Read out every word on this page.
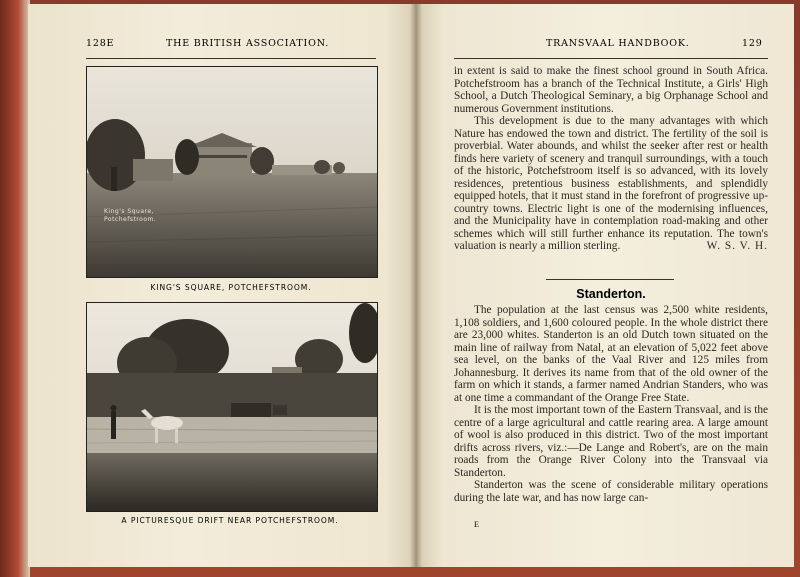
128E	THE BRITISH ASSOCIATION.
King's Square, Potchefstroom.
KING'S SQUARE, POTCHEFSTROOM.
A PICTURESQUE DRIFT NEAR POTCHEFSTROOM.
TRANSVAAL HANDBOOK.	129
in extent is said to make the finest school ground in South Africa. Potchefstroom has a branch of the Technical Institute, a Girls' High School, a Dutch Theological Seminary, a big Orphanage School and numerous Government institutions.
This development is due to the many advantages with which Nature has endowed the town and district. The fertility of the soil is proverbial. Water abounds, and whilst the seeker after rest or health finds here variety of scenery and tranquil surroundings, with a touch of the historic, Potchefstroom itself is so advanced, with its lovely residences, pretentious business establishments, and splendidly equipped hotels, that it must stand in the forefront of progressive up-country towns. Electric light is one of the modernising influences, and the Municipality have in contemplation road-making and other schemes which will still further enhance its reputation. The town's valuation is nearly a million sterling.	W. S. V. H.
Standerton.
The population at the last census was 2,500 white residents, 1,108 soldiers, and 1,600 coloured people. In the whole district there are 23,000 whites. Standerton is an old Dutch town situated on the main line of railway from Natal, at an elevation of 5,022 feet above sea level, on the banks of the Vaal River and 125 miles from Johannesburg. It derives its name from that of the old owner of the farm on which it stands, a farmer named Andrian Standers, who was at one time a commandant of the Orange Free State.
It is the most important town of the Eastern Transvaal, and is the centre of a large agricultural and cattle rearing area. A large amount of wool is also produced in this district. Two of the most important drifts across rivers, viz.:—De Lange and Robert's, are on the main roads from the Orange River Colony into the Transvaal via Standerton.
Standerton was the scene of considerable military operations during the late war, and has now large can-
E
